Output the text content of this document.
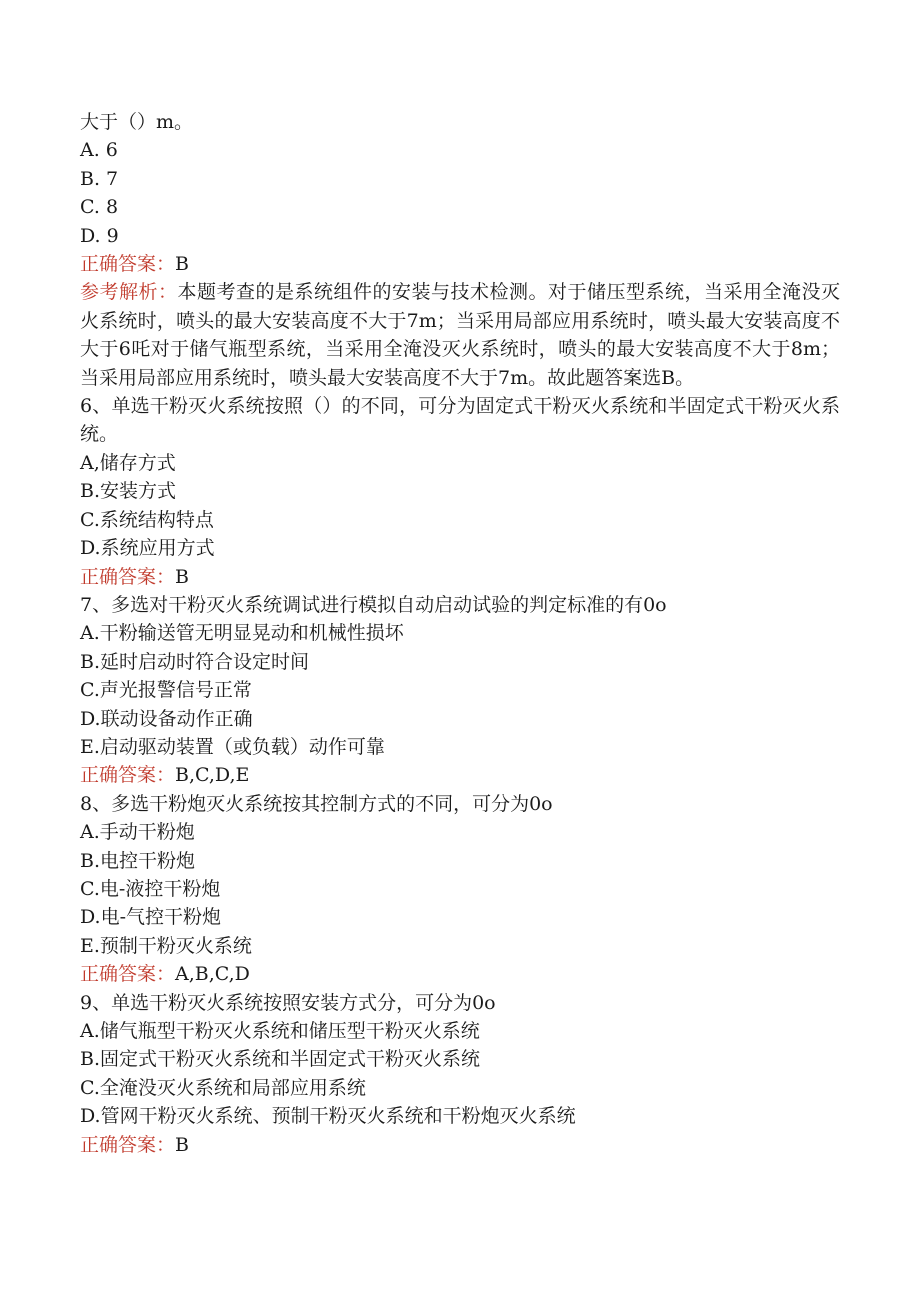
大于（）m。
A. 6
B. 7
C. 8
D. 9
正确答案：B
参考解析：本题考查的是系统组件的安装与技术检测。对于储压型系统，当采用全淹没灭火系统时，喷头的最大安装高度不大于7m；当采用局部应用系统时，喷头最大安装高度不大于6吒对于储气瓶型系统，当采用全淹没灭火系统时，喷头的最大安装高度不大于8m；当采用局部应用系统时，喷头最大安装高度不大于7m。故此题答案选B。
6、单选干粉灭火系统按照（）的不同，可分为固定式干粉灭火系统和半固定式干粉灭火系统。
A,储存方式
B.安装方式
C.系统结构特点
D.系统应用方式
正确答案：B
7、多选对干粉灭火系统调试进行模拟自动启动试验的判定标准的有0o
A.干粉输送管无明显晃动和机械性损坏
B.延时启动时符合设定时间
C.声光报警信号正常
D.联动设备动作正确
E.启动驱动装置（或负载）动作可靠
正确答案：B,C,D,E
8、多选干粉炮灭火系统按其控制方式的不同，可分为0o
A.手动干粉炮
B.电控干粉炮
C.电-液控干粉炮
D.电-气控干粉炮
E.预制干粉灭火系统
正确答案：A,B,C,D
9、单选干粉灭火系统按照安装方式分，可分为0o
A.储气瓶型干粉灭火系统和储压型干粉灭火系统
B.固定式干粉灭火系统和半固定式干粉灭火系统
C.全淹没灭火系统和局部应用系统
D.管网干粉灭火系统、预制干粉灭火系统和干粉炮灭火系统
正确答案：B
